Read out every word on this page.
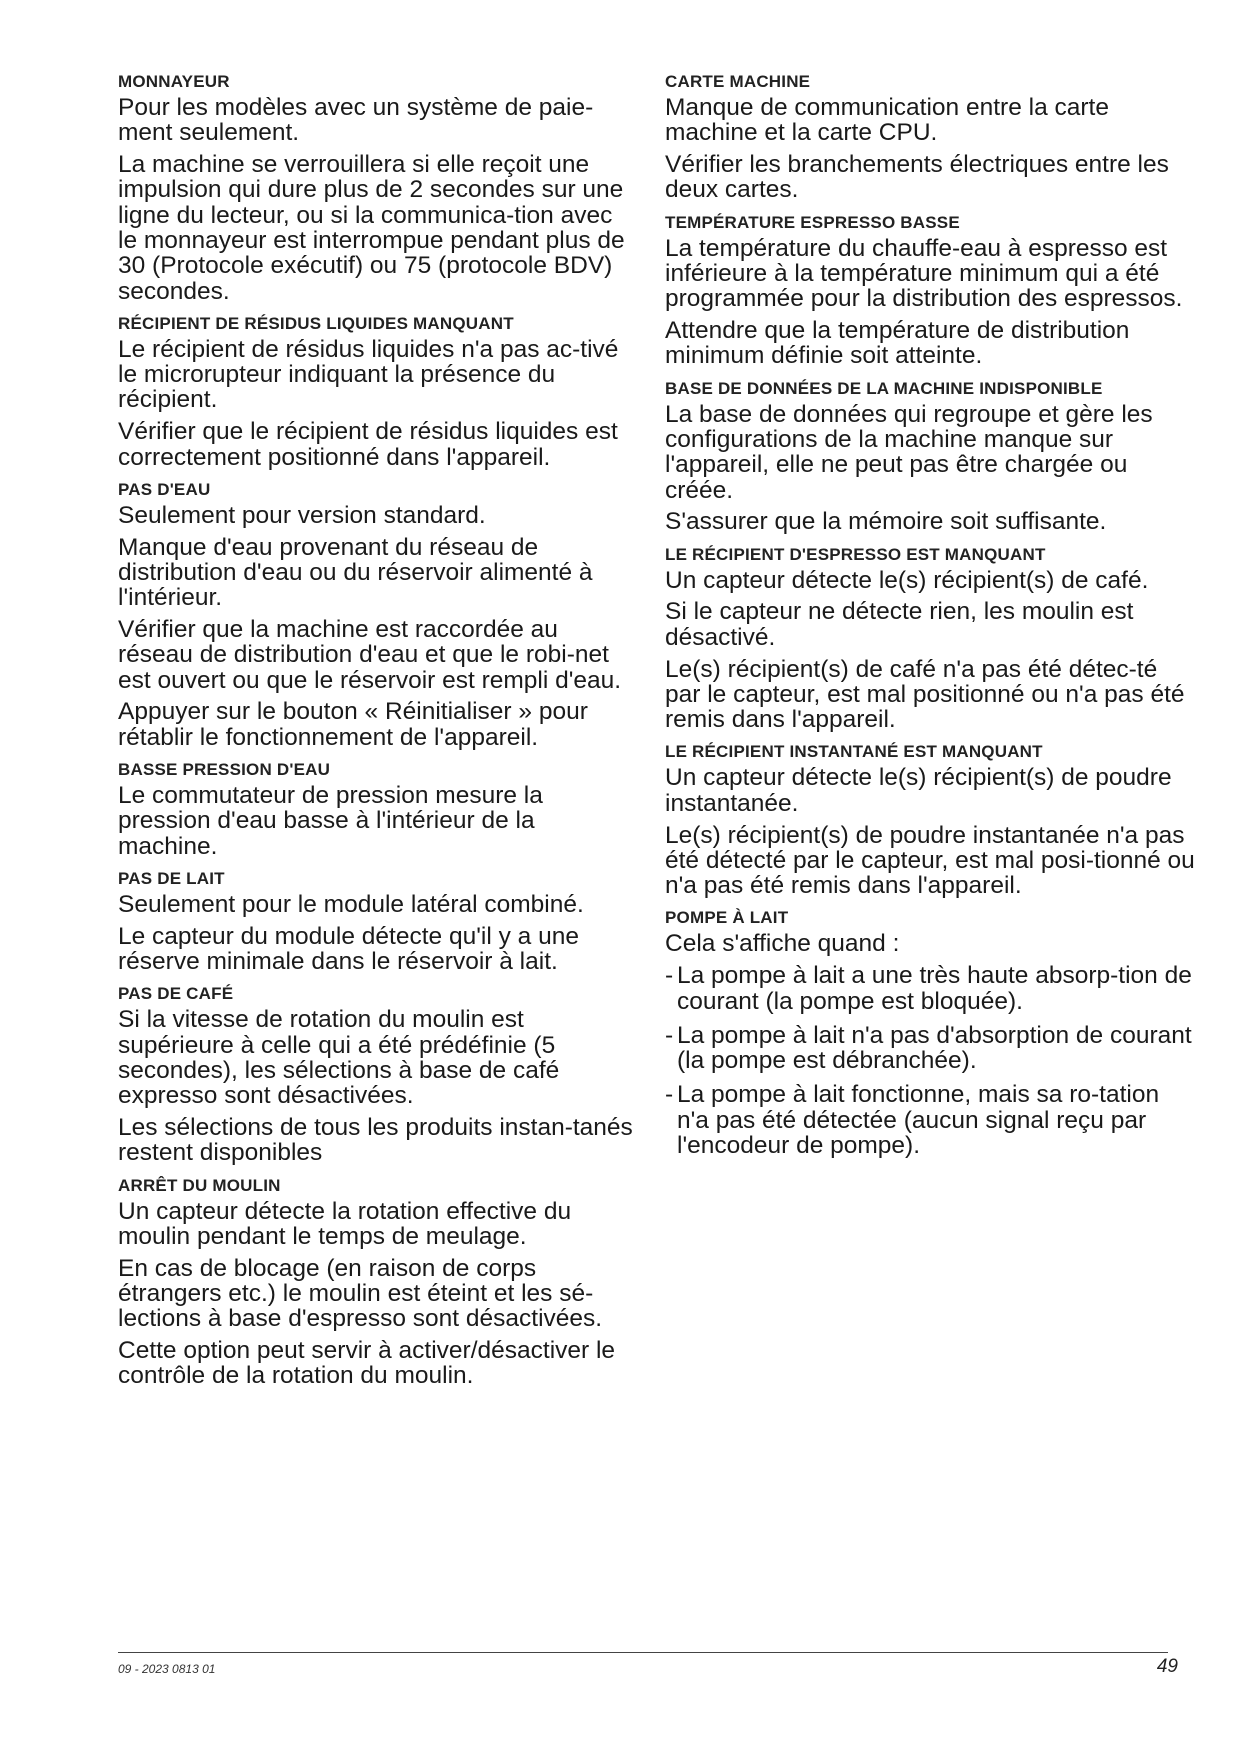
MONNAYEUR

Pour les modèles avec un système de paie-ment seulement.

La machine se verrouillera si elle reçoit une impulsion qui dure plus de 2 secondes sur une ligne du lecteur, ou si la communica-tion avec le monnayeur est interrompue pendant plus de 30 (Protocole exécutif) ou 75 (protocole BDV) secondes.

RÉCIPIENT DE RÉSIDUS LIQUIDES MANQUANT

Le récipient de résidus liquides n'a pas ac-tivé le microrupteur indiquant la présence du récipient.

Vérifier que le récipient de résidus liquides est correctement positionné dans l'appareil.

PAS D'EAU

Seulement pour version standard.

Manque d'eau provenant du réseau de distribution d'eau ou du réservoir alimenté à l'intérieur.

Vérifier que la machine est raccordée au réseau de distribution d'eau et que le robi-net est ouvert ou que le réservoir est rempli d'eau.

Appuyer sur le bouton « Réinitialiser » pour rétablir le fonctionnement de l'appareil.

BASSE PRESSION D'EAU

Le commutateur de pression mesure la pression d'eau basse à l'intérieur de la machine.

PAS DE LAIT

Seulement pour le module latéral combiné.

Le capteur du module détecte qu'il y a une réserve minimale dans le réservoir à lait.

PAS DE CAFÉ

Si la vitesse de rotation du moulin est supérieure à celle qui a été prédéfinie (5 secondes), les sélections à base de café expresso sont désactivées.

Les sélections de tous les produits instan-tanés restent disponibles

ARRÊT DU MOULIN

Un capteur détecte la rotation effective du moulin pendant le temps de meulage.

En cas de blocage (en raison de corps étrangers etc.) le moulin est éteint et les sé-lections à base d'espresso sont désactivées.

Cette option peut servir à activer/désactiver le contrôle de la rotation du moulin.

CARTE MACHINE

Manque de communication entre la carte machine et la carte CPU.

Vérifier les branchements électriques entre les deux cartes.

TEMPÉRATURE ESPRESSO BASSE

La température du chauffe-eau à espresso est inférieure à la température minimum qui a été programmée pour la distribution des espressos.

Attendre que la température de distribution minimum définie soit atteinte.

BASE DE DONNÉES DE LA MACHINE INDISPONIBLE

La base de données qui regroupe et gère les configurations de la machine manque sur l'appareil, elle ne peut pas être chargée ou créée.

S'assurer que la mémoire soit suffisante.

LE RÉCIPIENT D'ESPRESSO EST MANQUANT

Un capteur détecte le(s) récipient(s) de café.

Si le capteur ne détecte rien, les moulin est désactivé.

Le(s) récipient(s) de café n'a pas été détec-té par le capteur, est mal positionné ou n'a pas été remis dans l'appareil.

LE RÉCIPIENT INSTANTANÉ EST MANQUANT

Un capteur détecte le(s) récipient(s) de poudre instantanée.

Le(s) récipient(s) de poudre instantanée n'a pas été détecté par le capteur, est mal posi-tionné ou n'a pas été remis dans l'appareil.

POMPE À LAIT

Cela s'affiche quand :

- La pompe à lait a une très haute absorp-tion de courant (la pompe est bloquée).
- La pompe à lait n'a pas d'absorption de courant (la pompe est débranchée).
- La pompe à lait fonctionne, mais sa ro-tation n'a pas été détectée (aucun signal reçu par l'encodeur de pompe).
09 - 2023 0813 01	49
